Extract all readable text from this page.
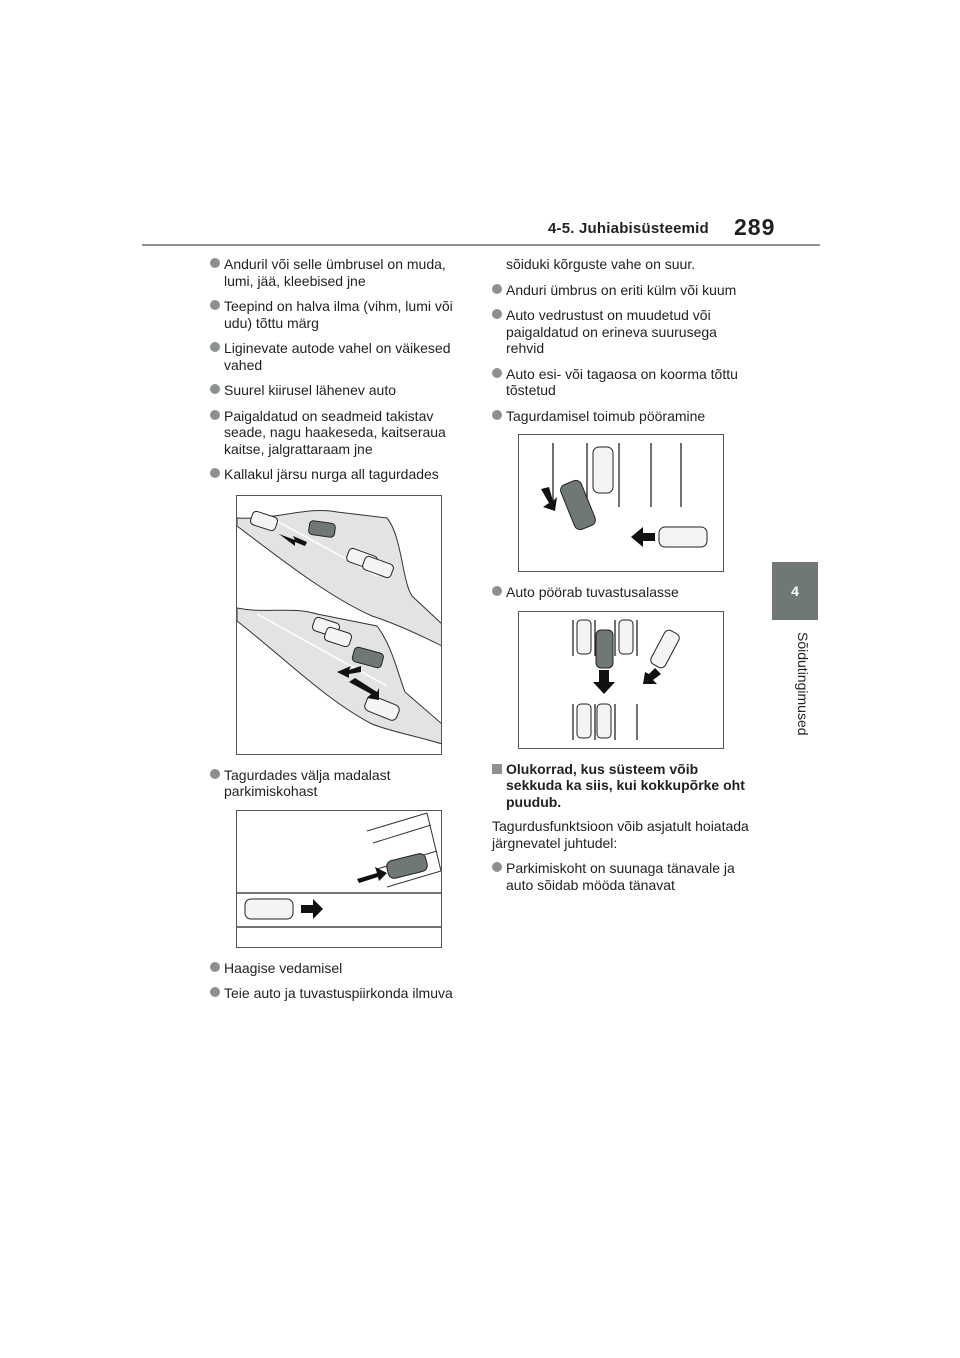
4-5. Juhiabisüsteemid 289
4
Sõidutingimused
Anduril või selle ümbrusel on muda, lumi, jää, kleebised jne
Teepind on halva ilma (vihm, lumi või udu) tõttu märg
Liginevate autode vahel on väikesed vahed
Suurel kiirusel lähenev auto
Paigaldatud on seadmeid takistav seade, nagu haakeseda, kaitseraua kaitse, jalgrattaraam jne
Kallakul järsu nurga all tagurdades
Tagurdades välja madalast parkimiskohast
Haagise vedamisel
Teie auto ja tuvastuspiirkonda ilmuva
sõiduki kõrguste vahe on suur.
Anduri ümbrus on eriti külm või kuum
Auto vedrustust on muudetud või paigaldatud on erineva suurusega rehvid
Auto esi- või tagaosa on koorma tõttu tõstetud
Tagurdamisel toimub pööramine
Auto pöörab tuvastusalasse
Olukorrad, kus süsteem võib sekkuda ka siis, kui kokkupõrke oht puudub.
Tagurdusfunktsioon võib asjatult hoiatada järgnevatel juhtudel:
Parkimiskoht on suunaga tänavale ja auto sõidab mööda tänavat
